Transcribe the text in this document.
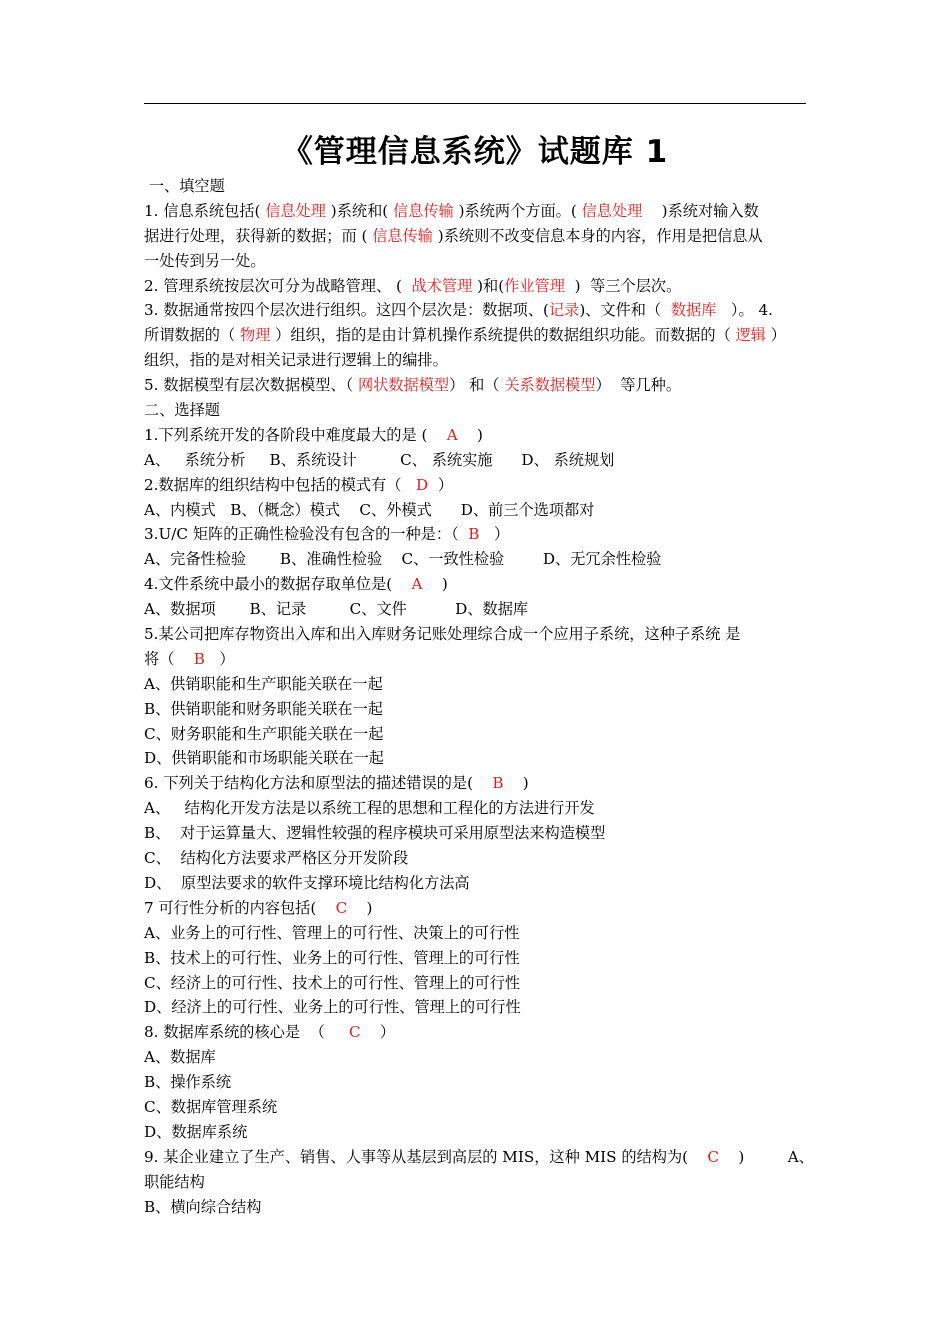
《管理信息系统》试题库 1
一、填空题
1. 信息系统包括( 信息处理 )系统和( 信息传输 )系统两个方面。( 信息处理    )系统对输入数
据进行处理，获得新的数据；而 ( 信息传输 )系统则不改变信息本身的内容，作用是把信息从
一处传到另一处。
2. 管理系统按层次可分为战略管理、 (  战术管理 )和(作业管理  )  等三个层次。
3. 数据通常按四个层次进行组织。这四个层次是：数据项、(记录)、文件和（  数据库   ）。 4.
所谓数据的（ 物理 ）组织，指的是由计算机操作系统提供的数据组织功能。而数据的（ 逻辑 ）
组织，指的是对相关记录进行逻辑上的编排。
5. 数据模型有层次数据模型、（ 网状数据模型） 和（ 关系数据模型）  等几种。
二、选择题
1.下列系统开发的各阶段中难度最大的是 (    A    )
A、   系统分析     B、系统设计         C、 系统实施      D、 系统规划
2.数据库的组织结构中包括的模式有（   D  ）
A、内模式   B、（概念）模式    C、外模式      D、前三个选项都对
3.U/C 矩阵的正确性检验没有包含的一种是：（  B   ）
A、完备性检验       B、准确性检验    C、一致性检验        D、无冗余性检验
4.文件系统中最小的数据存取单位是(    A    )
A、数据项       B、记录         C、文件          D、数据库
5.某公司把库存物资出入库和出入库财务记账处理综合成一个应用子系统，这种子系统 是
将（    B   ）
A、供销职能和生产职能关联在一起
B、供销职能和财务职能关联在一起
C、财务职能和生产职能关联在一起
D、供销职能和市场职能关联在一起
6. 下列关于结构化方法和原型法的描述错误的是(    B    )
A、   结构化开发方法是以系统工程的思想和工程化的方法进行开发
B、  对于运算量大、逻辑性较强的程序模块可采用原型法来构造模型
C、  结构化方法要求严格区分开发阶段
D、  原型法要求的软件支撑环境比结构化方法高
7 可行性分析的内容包括(    C    )
A、业务上的可行性、管理上的可行性、决策上的可行性
B、技术上的可行性、业务上的可行性、管理上的可行性
C、经济上的可行性、技术上的可行性、管理上的可行性
D、经济上的可行性、业务上的可行性、管理上的可行性
8. 数据库系统的核心是  （     C    ）
A、数据库
B、操作系统
C、数据库管理系统
D、数据库系统
9. 某企业建立了生产、销售、人事等从基层到高层的 MIS，这种 MIS 的结构为(    C    )         A、
职能结构
B、横向综合结构
